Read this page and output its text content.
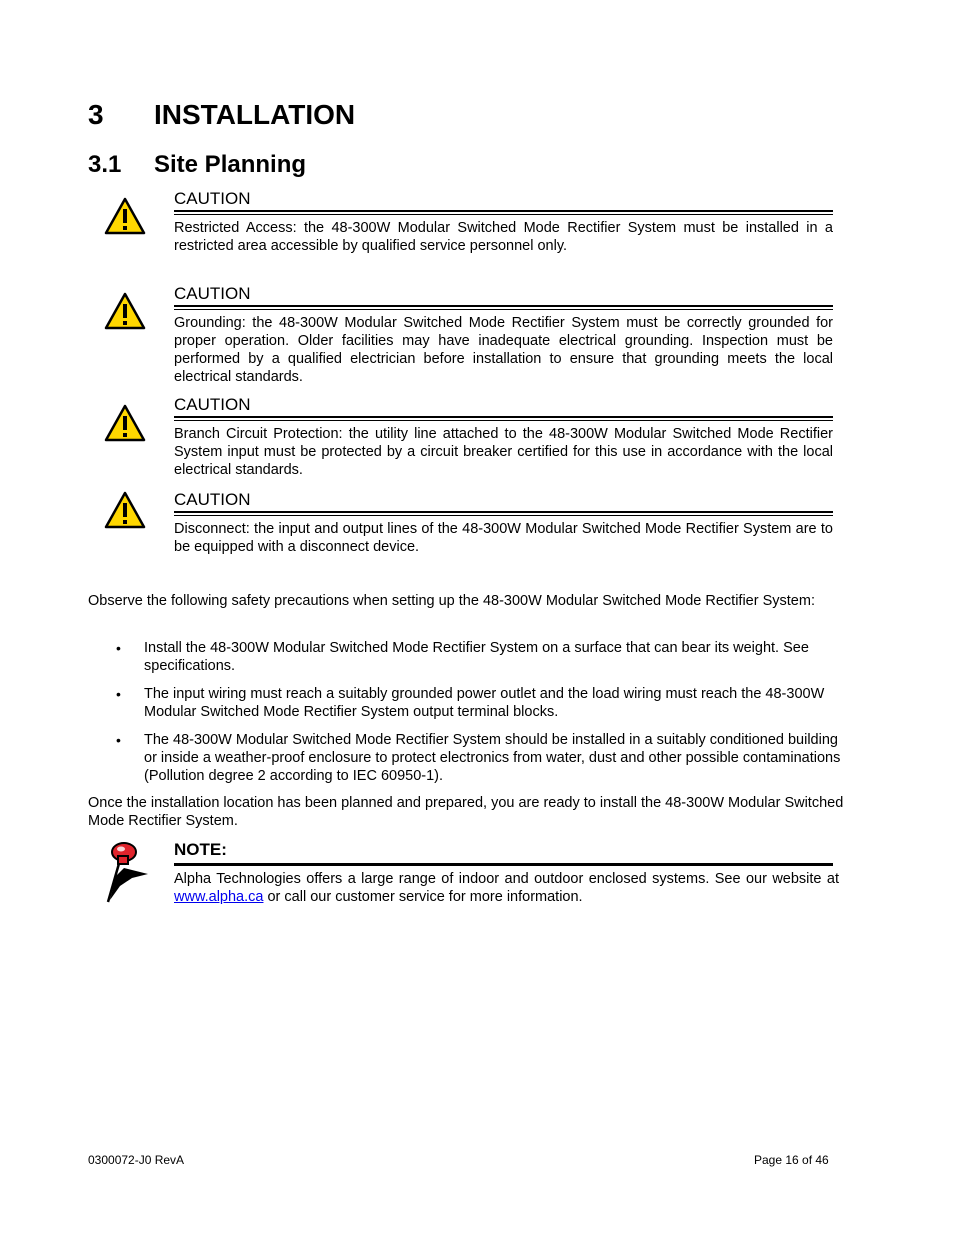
3 INSTALLATION
3.1 Site Planning
CAUTION
Restricted Access: the 48-300W Modular Switched Mode Rectifier System must be installed in a restricted area accessible by qualified service personnel only.
CAUTION
Grounding: the 48-300W Modular Switched Mode Rectifier System must be correctly grounded for proper operation. Older facilities may have inadequate electrical grounding. Inspection must be performed by a qualified electrician before installation to ensure that grounding meets the local electrical standards.
CAUTION
Branch Circuit Protection: the utility line attached to the 48-300W Modular Switched Mode Rectifier System input must be protected by a circuit breaker certified for this use in accordance with the local electrical standards.
CAUTION
Disconnect: the input and output lines of the 48-300W Modular Switched Mode Rectifier System are to be equipped with a disconnect device.
Observe the following safety precautions when setting up the 48-300W Modular Switched Mode Rectifier System:
• Install the 48-300W Modular Switched Mode Rectifier System on a surface that can bear its weight. See specifications.
• The input wiring must reach a suitably grounded power outlet and the load wiring must reach the 48-300W Modular Switched Mode Rectifier System output terminal blocks.
• The 48-300W Modular Switched Mode Rectifier System should be installed in a suitably conditioned building or inside a weather-proof enclosure to protect electronics from water, dust and other possible contaminations (Pollution degree 2 according to IEC 60950-1).
Once the installation location has been planned and prepared, you are ready to install the 48-300W Modular Switched Mode Rectifier System.
NOTE:
Alpha Technologies offers a large range of indoor and outdoor enclosed systems. See our website at www.alpha.ca or call our customer service for more information.
0300072-J0 RevA	Page 16 of 46
